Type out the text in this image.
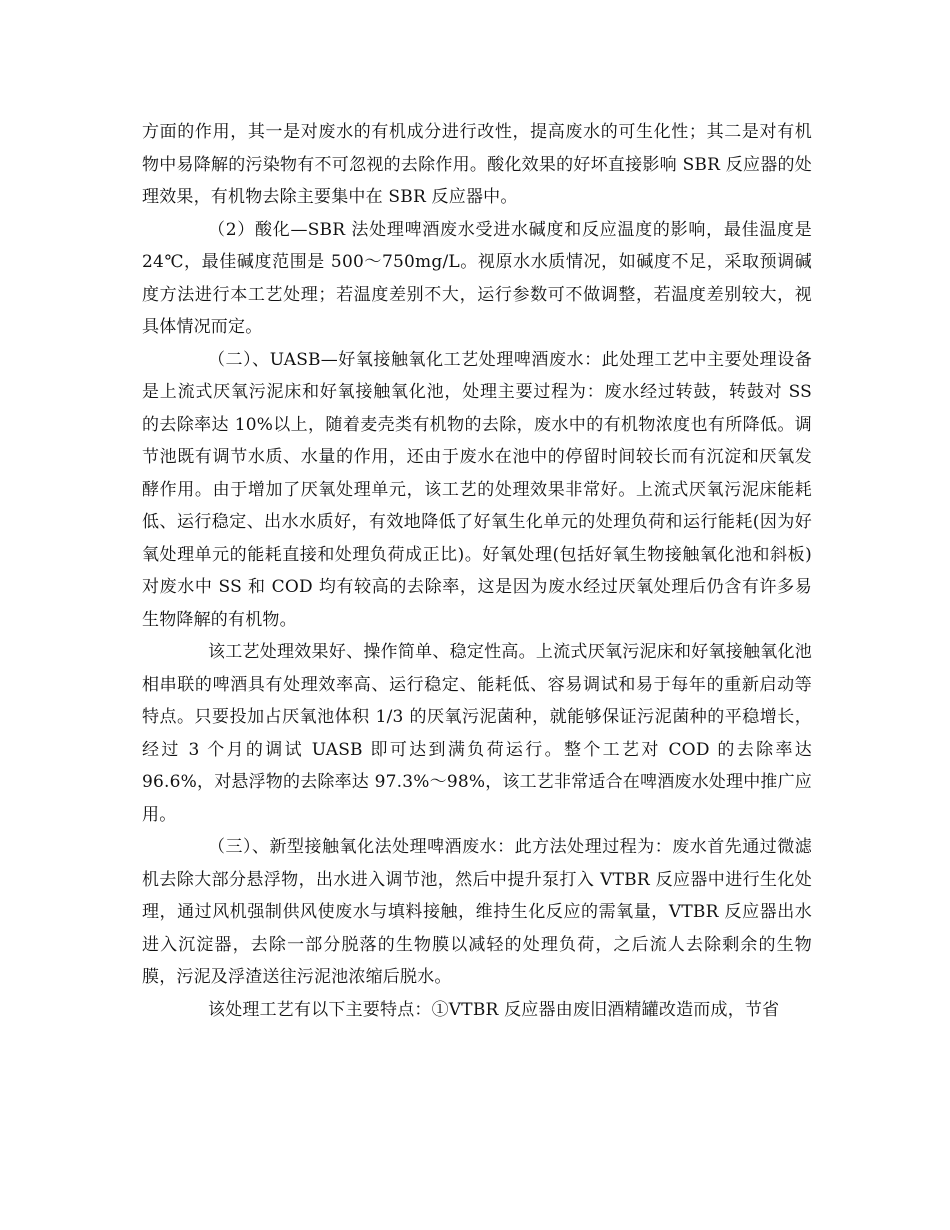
方面的作用，其一是对废水的有机成分进行改性，提高废水的可生化性；其二是对有机物中易降解的污染物有不可忽视的去除作用。酸化效果的好坏直接影响 SBR 反应器的处理效果，有机物去除主要集中在 SBR 反应器中。

（2）酸化—SBR 法处理啤酒废水受进水碱度和反应温度的影响，最佳温度是 24℃，最佳碱度范围是 500～750mg/L。视原水水质情况，如碱度不足，采取预调碱度方法进行本工艺处理；若温度差别不大，运行参数可不做调整，若温度差别较大，视具体情况而定。

（二）、UASB—好氧接触氧化工艺处理啤酒废水：此处理工艺中主要处理设备是上流式厌氧污泥床和好氧接触氧化池，处理主要过程为：废水经过转鼓，转鼓对 SS 的去除率达 10%以上，随着麦壳类有机物的去除，废水中的有机物浓度也有所降低。调节池既有调节水质、水量的作用，还由于废水在池中的停留时间较长而有沉淀和厌氧发酵作用。由于增加了厌氧处理单元，该工艺的处理效果非常好。上流式厌氧污泥床能耗低、运行稳定、出水水质好，有效地降低了好氧生化单元的处理负荷和运行能耗(因为好氧处理单元的能耗直接和处理负荷成正比)。好氧处理(包括好氧生物接触氧化池和斜板)对废水中 SS 和 COD 均有较高的去除率，这是因为废水经过厌氧处理后仍含有许多易生物降解的有机物。

该工艺处理效果好、操作简单、稳定性高。上流式厌氧污泥床和好氧接触氧化池相串联的啤酒具有处理效率高、运行稳定、能耗低、容易调试和易于每年的重新启动等特点。只要投加占厌氧池体积 1/3 的厌氧污泥菌种，就能够保证污泥菌种的平稳增长，经过 3 个月的调试 UASB 即可达到满负荷运行。整个工艺对 COD 的去除率达 96.6%，对悬浮物的去除率达 97.3%～98%，该工艺非常适合在啤酒废水处理中推广应用。

（三）、新型接触氧化法处理啤酒废水：此方法处理过程为：废水首先通过微滤机去除大部分悬浮物，出水进入调节池，然后中提升泵打入 VTBR 反应器中进行生化处理，通过风机强制供风使废水与填料接触，维持生化反应的需氧量，VTBR 反应器出水进入沉淀器，去除一部分脱落的生物膜以减轻的处理负荷，之后流人去除剩余的生物膜，污泥及浮渣送往污泥池浓缩后脱水。

该处理工艺有以下主要特点：①VTBR 反应器由废旧酒精罐改造而成，节省
